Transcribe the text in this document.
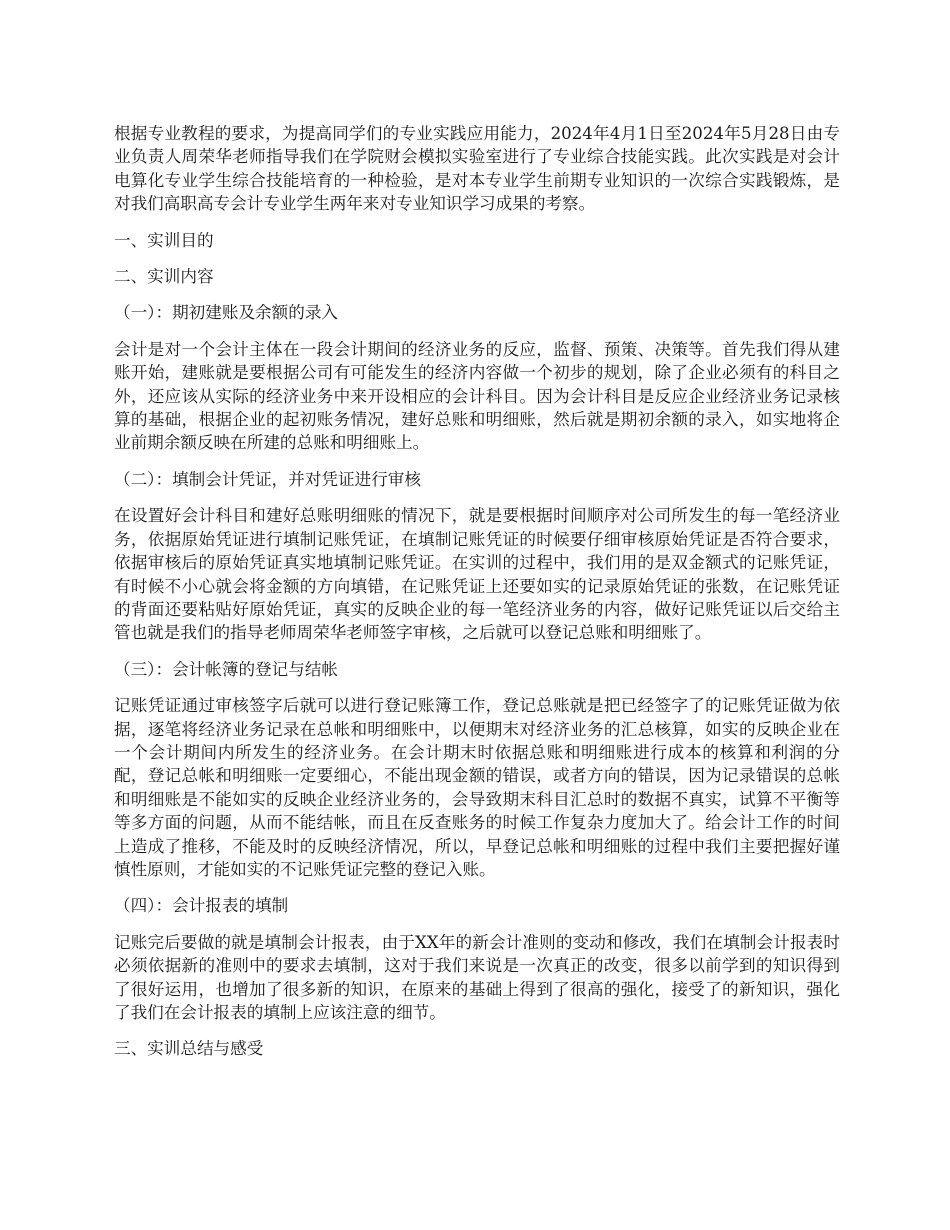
根据专业教程的要求，为提高同学们的专业实践应用能力，2024年4月1日至2024年5月28日由专业负责人周荣华老师指导我们在学院财会模拟实验室进行了专业综合技能实践。此次实践是对会计电算化专业学生综合技能培育的一种检验，是对本专业学生前期专业知识的一次综合实践锻炼，是对我们高职高专会计专业学生两年来对专业知识学习成果的考察。

一、实训目的

二、实训内容

（一）：期初建账及余额的录入

会计是对一个会计主体在一段会计期间的经济业务的反应，监督、预策、决策等。首先我们得从建账开始，建账就是要根据公司有可能发生的经济内容做一个初步的规划，除了企业必须有的科目之外，还应该从实际的经济业务中来开设相应的会计科目。因为会计科目是反应企业经济业务记录核算的基础，根据企业的起初账务情况，建好总账和明细账，然后就是期初余额的录入，如实地将企业前期余额反映在所建的总账和明细账上。

（二）：填制会计凭证，并对凭证进行审核

在设置好会计科目和建好总账明细账的情况下，就是要根据时间顺序对公司所发生的每一笔经济业务，依据原始凭证进行填制记账凭证，在填制记账凭证的时候要仔细审核原始凭证是否符合要求，依据审核后的原始凭证真实地填制记账凭证。在实训的过程中，我们用的是双金额式的记账凭证，有时候不小心就会将金额的方向填错，在记账凭证上还要如实的记录原始凭证的张数，在记账凭证的背面还要粘贴好原始凭证，真实的反映企业的每一笔经济业务的内容，做好记账凭证以后交给主管也就是我们的指导老师周荣华老师签字审核，之后就可以登记总账和明细账了。

（三）：会计帐簿的登记与结帐

记账凭证通过审核签字后就可以进行登记账簿工作，登记总账就是把已经签字了的记账凭证做为依据，逐笔将经济业务记录在总帐和明细账中，以便期末对经济业务的汇总核算，如实的反映企业在一个会计期间内所发生的经济业务。在会计期末时依据总账和明细账进行成本的核算和利润的分配，登记总帐和明细账一定要细心，不能出现金额的错误，或者方向的错误，因为记录错误的总帐和明细账是不能如实的反映企业经济业务的，会导致期末科目汇总时的数据不真实，试算不平衡等等多方面的问题，从而不能结帐，而且在反查账务的时候工作复杂力度加大了。给会计工作的时间上造成了推移，不能及时的反映经济情况，所以，早登记总帐和明细账的过程中我们主要把握好谨慎性原则，才能如实的不记账凭证完整的登记入账。

（四）：会计报表的填制

记账完后要做的就是填制会计报表，由于XX年的新会计准则的变动和修改，我们在填制会计报表时必须依据新的准则中的要求去填制，这对于我们来说是一次真正的改变，很多以前学到的知识得到了很好运用，也增加了很多新的知识，在原来的基础上得到了很高的强化，接受了的新知识，强化了我们在会计报表的填制上应该注意的细节。

三、实训总结与感受
